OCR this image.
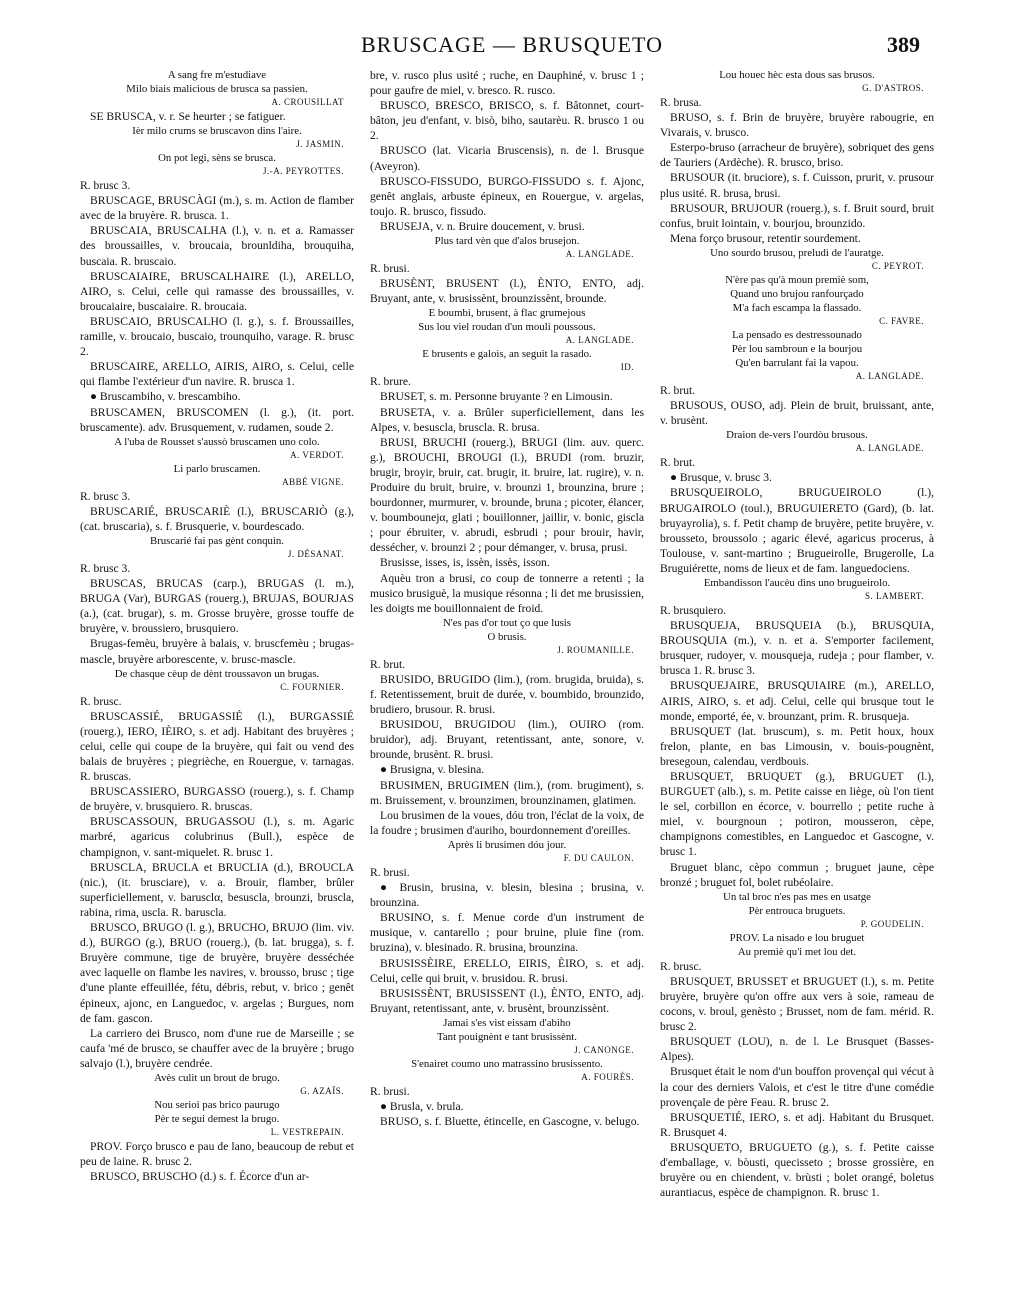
BRUSCAGE — BRUSQUETO	389

A sang fre m'estudiave

Milo biais malicious de brusca sa passien.

A. CROUSILLAT

SE BRUSCA, v. r. Se heurter ; se fatiguer.

Ièr milo crums se bruscavon dins l'aire.

J. JASMIN.

On pot legi, sèns se brusca.

J.-A. PEYROTTES.

R. brusc 3.

BRUSCAGE, BRUSCÀGI (m.), s. m. Action de flamber avec de la bruyère. R. brusca. 1.

BRUSCAIA, BRUSCALHA (l.), v. n. et a. Ramasser des broussailles, v. broucaia, brounldiha, brouquiha, buscaia. R. bruscaio.

BRUSCAIAIRE, BRUSCALHAIRE (l.), ARELLO, AIRO, s. Celui, celle qui ramasse des broussailles, v. broucaiaire, buscaiaire. R. broucaia.

BRUSCAIO, BRUSCALHO (l. g.), s. f. Broussailles, ramille, v. broucaio, buscaio, trounquiho, varage. R. brusc 2.

BRUSCAIRE, ARELLO, AIRIS, AIRO, s. Celui, celle qui flambe l'extérieur d'un navire. R. brusca 1.

● Bruscambiho, v. brescambiho.

BRUSCAMEN, BRUSCOMEN (l. g.), (it. port. bruscamente). adv. Brusquement, v. rudamen, soude 2.

A l'uba de Rousset s'aussò bruscamen uno colo.

A. VERDOT.

Li parlo bruscamen.

ABBÉ VIGNE.

R. brusc 3.

BRUSCARIÉ, BRUSCARIÈ (l.), BRUSCARIÒ (g.), (cat. bruscaria), s. f. Brusquerie, v. bourdescado.

Bruscarié fai pas gènt conquin.

J. DÉSANAT.

R. brusc 3.

BRUSCAS, BRUCAS (carp.), BRUGAS (l. m.), BRUGA (Var), BURGAS (rouerg.), BRUJAS, BOURJAS (a.), (cat. brugar), s. m. Grosse bruyère, grosse touffe de bruyère, v. broussiero, brusquiero.

Brugas-femèu, bruyère à balais, v. bruscfemèu ; brugas-mascle, bruyère arborescente, v. brusc-mascle.

De chasque cèup de dènt troussavon un brugas.

C. FOURNIER.

R. brusc.

BRUSCASSIÉ, BRUGASSIÉ (l.), BURGASSIÉ (rouerg.), IERO, IÈIRO, s. et adj. Habitant des bruyères ; celui, celle qui coupe de la bruyère, qui fait ou vend des balais de bruyères ; piegrièche, en Rouergue, v. tarnagas. R. bruscas.

BRUSCASSIERO, BURGASSO (rouerg.), s. f. Champ de bruyère, v. brusquiero. R. bruscas.

BRUSCASSOUN, BRUGASSOU (l.), s. m. Agaric marbré, agaricus colubrinus (Bull.), espèce de champignon, v. sant-miquelet. R. brusc 1.

BRUSCLA, BRUCLA et BRUCLIA (d.), BROUCLA (nic.), (it. brusciare), v. a. Brouir, flamber, brûler superficiellement, v. barusclα, besuscla, brounzi, bruscla, rabina, rima, uscla. R. baruscla.

BRUSCO, BRUGO (l. g.), BRUCHO, BRUJO (lim. viv. d.), BURGO (g.), BRUO (rouerg.), (b. lat. brugga), s. f. Bruyère commune, tige de bruyère, bruyère desséchée avec laquelle on flambe les navires, v. brousso, brusc ; tige d'une plante effeuillée, fétu, débris, rebut, v. brico ; genêt épineux, ajonc, en Languedoc, v. argelas ; Burgues, nom de fam. gascon.

La carriero dei Brusco, nom d'une rue de Marseille ; se caufa 'mé de brusco, se chauffer avec de la bruyère ; brugo salvajo (l.), bruyère cendrée.

Avès culit un brout de brugo.

G. AZAÏS.

Nou serioi pas brico paurugo

Pèr te segui demest la brugo.

L. VESTREPAIN.

PROV. Forço brusco e pau de lano, beaucoup de rebut et peu de laine. R. brusc 2.

BRUSCO, BRUSCHO (d.) s. f. Écorce d'un ar-

bre, v. rusco plus usité ; ruche, en Dauphiné, v. brusc 1 ; pour gaufre de miel, v. bresco. R. rusco.

BRUSCO, BRESCO, BRISCO, s. f. Bâtonnet, court-bâton, jeu d'enfant, v. bisò, biho, sautarèu. R. brusco 1 ou 2.

BRUSCO (lat. Vicaria Bruscensis), n. de l. Brusque (Aveyron).

BRUSCO-FISSUDO, BURGO-FISSUDO s. f. Ajonc, genêt anglais, arbuste épineux, en Rouergue, v. argelas, toujo. R. brusco, fissudo.

BRUSEJA, v. n. Bruire doucement, v. brusi.

Plus tard vèn que d'alos brusejon.

A. LANGLADE.

R. brusi.

BRUSÈNT, BRUSENT (l.), ÈNTO, ENTO, adj. Bruyant, ante, v. brusissènt, brounzissènt, brounde.

E boumbi, brusent, à flac grumejous

Sus lou viel roudan d'un mouli poussous.

A. LANGLADE.

E brusents e galois, an seguit la rasado.

ID.

R. brure.

BRUSET, s. m. Personne bruyante ? en Limousin.

BRUSETA, v. a. Brûler superficiellement, dans les Alpes, v. besuscla, bruscla. R. brusa.

BRUSI, BRUCHI (rouerg.), BRUGI (lim. auv. querc. g.), BROUCHI, BROUGI (l.), BRUDI (rom. bruzir, brugir, broyir, bruir, cat. brugir, it. bruire, lat. rugire), v. n. Produire du bruit, bruire, v. brounzi 1, brounzina, brure ; bourdonner, murmurer, v. brounde, bruna ; picoter, élancer, v. boumbounejα, glati ; bouillonner, jaillir, v. bonic, giscla ; pour ébruiter, v. abrudi, esbrudi ; pour brouir, havir, dessécher, v. brounzi 2 ; pour démanger, v. brusa, prusi.

Brusisse, isses, is, issèn, issès, isson.

Aquèu tron a brusi, co coup de tonnerre a retenti ; la musico brusiguè, la musique résonna ; li det me brusissien, les doigts me bouillonnaient de froid.

N'es pas d'or tout ço que lusis

O brusis.

J. ROUMANILLE.

R. brut.

BRUSIDO, BRUGIDO (lim.), (rom. brugida, bruida), s. f. Retentissement, bruit de durée, v. boumbido, brounzido, brudiero, brusour. R. brusi.

BRUSIDOU, BRUGIDOU (lim.), OUIRO (rom. bruidor), adj. Bruyant, retentissant, ante, sonore, v. brounde, brusènt. R. brusi.

● Brusigna, v. blesina.

BRUSIMEN, BRUGIMEN (lim.), (rom. brugiment), s. m. Bruissement, v. brounzimen, brounzinamen, glatimen.

Lou brusimen de la voues, dóu tron, l'éclat de la voix, de la foudre ; brusimen d'auriho, bourdonnement d'oreilles.

Après li brusimen dóu jour.

F. DU CAULON.

R. brusi.

● Brusin, brusina, v. blesin, blesina ; brusina, v. brounzina.

BRUSINO, s. f. Menue corde d'un instrument de musique, v. cantarello ; pour bruine, pluie fine (rom. bruzina), v. blesinado. R. brusina, brounzina.

BRUSISSÈIRE, ERELLO, EIRIS, ÈIRO, s. et adj. Celui, celle qui bruit, v. brusidou. R. brusi.

BRUSISSÈNT, BRUSISSENT (l.), ÈNTO, ENTO, adj. Bruyant, retentissant, ante, v. brusènt, brounzissènt.

Jamai s'es vist eissam d'abiho

Tant pouignènt e tant brusissènt.

J. CANONGE.

S'enairet coumo uno matrassino brusissento.

A. FOURÈS.

R. brusi.

● Brusla, v. brula.

BRUSO, s. f. Bluette, étincelle, en Gascogne, v. belugo.

Lou houec hèc esta dous sas brusos.

G. D'ASTROS.

R. brusa.

BRUSO, s. f. Brin de bruyère, bruyère rabougrie, en Vivarais, v. brusco.

Esterpo-bruso (arracheur de bruyère), sobriquet des gens de Tauriers (Ardèche). R. brusco, briso.

BRUSOUR (it. bruciore), s. f. Cuisson, prurit, v. prusour plus usité. R. brusa, brusi.

BRUSOUR, BRUJOUR (rouerg.), s. f. Bruit sourd, bruit confus, bruit lointain, v. bourjou, brounzido.

Mena forço brusour, retentir sourdement.

Uno sourdo brusou, preludi de l'auratge.

C. PEYROT.

N'ère pas qu'à moun premiè som,

Quand uno brujou ranfourçado

M'a fach escampa la flassado.

C. FAVRE.

La pensado es destressounado

Pèr lou sambroun e la bourjou

Qu'en barrulant fai la vapou.

A. LANGLADE.

R. brut.

BRUSOUS, OUSO, adj. Plein de bruit, bruissant, ante, v. brusènt.

Draion de-vers l'ourdòu brusous.

A. LANGLADE.

R. brut.

● Brusque, v. brusc 3.

BRUSQUEIROLO, BRUGUEIROLO (l.), BRUGAIROLO (toul.), BRUGUIERETO (Gard), (b. lat. bruyayrolia), s. f. Petit champ de bruyère, petite bruyère, v. brousseto, broussolo ; agaric élevé, agaricus procerus, à Toulouse, v. sant-martino ; Brugueirolle, Brugerolle, La Bruguiérette, noms de lieux et de fam. languedociens.

Embandisson l'aucèu dins uno brugueirolo.

S. LAMBERT.

R. brusquiero.

BRUSQUEJA, BRUSQUEIA (b.), BRUSQUIA, BROUSQUIA (m.), v. n. et a. S'emporter facilement, brusquer, rudoyer, v. mousqueja, rudeja ; pour flamber, v. brusca 1. R. brusc 3.

BRUSQUEJAIRE, BRUSQUIAIRE (m.), ARELLO, AIRIS, AIRO, s. et adj. Celui, celle qui brusque tout le monde, emporté, ée, v. brounzant, prim. R. brusqueja.

BRUSQUET (lat. bruscum), s. m. Petit houx, houx frelon, plante, en bas Limousin, v. bouis-pougnènt, bresegoun, calendau, verdbouis.

BRUSQUET, BRUQUET (g.), BRUGUET (l.), BURGUET (alb.), s. m. Petite caisse en liège, où l'on tient le sel, corbillon en écorce, v. bourrello ; petite ruche à miel, v. bourgnoun ; potiron, mousseron, cèpe, champignons comestibles, en Languedoc et Gascogne, v. brusc 1.

Bruguet blanc, cèpo commun ; bruguet jaune, cèpe bronzé ; bruguet fol, bolet rubéolaire.

Un tal broc n'es pas mes en usatge

Pèr entrouca bruguets.

P. GOUDELIN.

PROV. La nisado e lou bruguet

Au premiè qu'i met lou det.

R. brusc.

BRUSQUET, BRUSSET et BRUGUET (l.), s. m. Petite bruyère, bruyère qu'on offre aux vers à soie, rameau de cocons, v. broul, genèsto ; Brusset, nom de fam. mérid. R. brusc 2.

BRUSQUET (LOU), n. de l. Le Brusquet (Basses-Alpes).

Brusquet était le nom d'un bouffon provençal qui vécut à la cour des derniers Valois, et c'est le titre d'une comédie provençale de père Feau. R. brusc 2.

BRUSQUETIÉ, IERO, s. et adj. Habitant du Brusquet. R. Brusquet 4.

BRUSQUETO, BRUGUETO (g.), s. f. Petite caisse d'emballage, v. bòusti, quecisseto ; brosse grossière, en bruyère ou en chiendent, v. brùsti ; bolet orangé, boletus aurantiacus, espèce de champignon. R. brusc 1.
